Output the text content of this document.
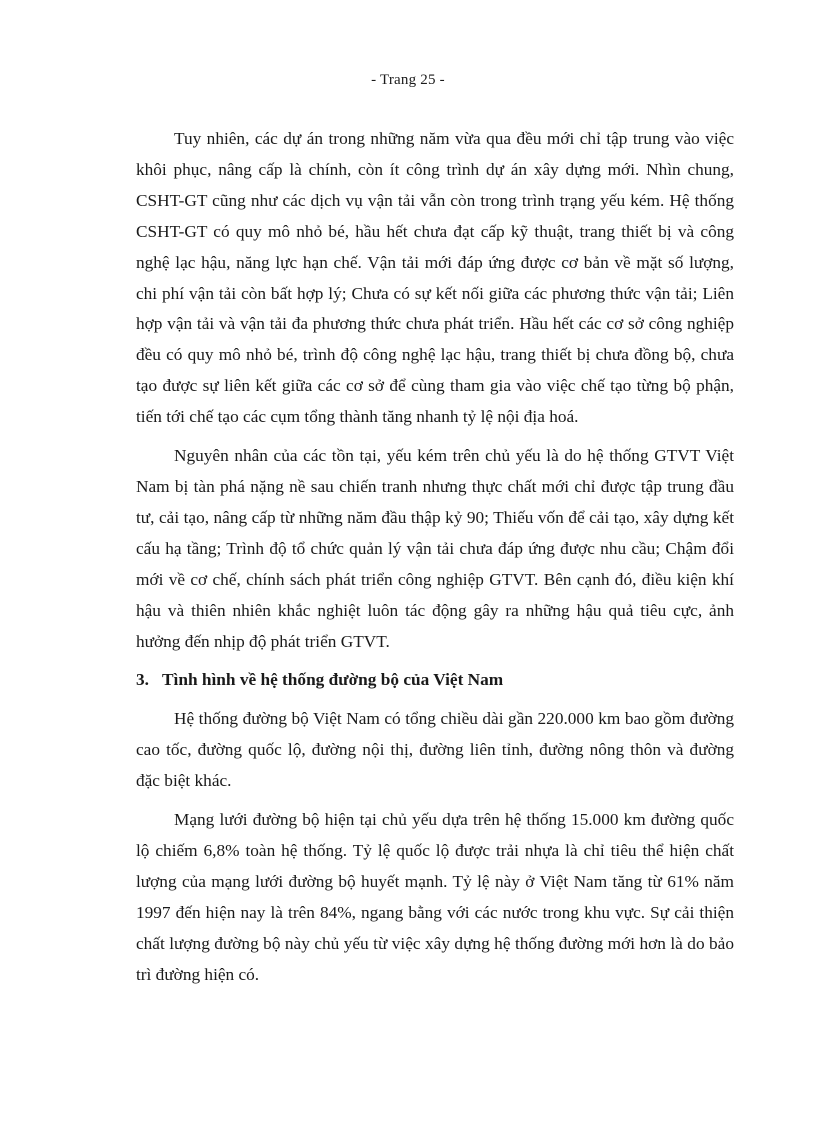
- Trang 25 -

Tuy nhiên, các dự án trong những năm vừa qua đều mới chỉ tập trung vào việc khôi phục, nâng cấp là chính, còn ít công trình dự án xây dựng mới. Nhìn chung, CSHT-GT cũng như các dịch vụ vận tải vẫn còn trong trình trạng yếu kém. Hệ thống CSHT-GT có quy mô nhỏ bé, hầu hết chưa đạt cấp kỹ thuật, trang thiết bị và công nghệ lạc hậu, năng lực hạn chế. Vận tải mới đáp ứng được cơ bản về mặt số lượng, chi phí vận tải còn bất hợp lý; Chưa có sự kết nối giữa các phương thức vận tải; Liên hợp vận tải và vận tải đa phương thức chưa phát triển. Hầu hết các cơ sở công nghiệp đều có quy mô nhỏ bé, trình độ công nghệ lạc hậu, trang thiết bị chưa đồng bộ, chưa tạo được sự liên kết giữa các cơ sở để cùng tham gia vào việc chế tạo từng bộ phận, tiến tới chế tạo các cụm tổng thành tăng nhanh tỷ lệ nội địa hoá.

Nguyên nhân của các tồn tại, yếu kém trên chủ yếu là do hệ thống GTVT Việt Nam bị tàn phá nặng nề sau chiến tranh nhưng thực chất mới chỉ được tập trung đầu tư, cải tạo, nâng cấp từ những năm đầu thập kỷ 90; Thiếu vốn để cải tạo, xây dựng kết cấu hạ tầng; Trình độ tổ chức quản lý vận tải chưa đáp ứng được nhu cầu; Chậm đổi mới về cơ chế, chính sách phát triển công nghiệp GTVT. Bên cạnh đó, điều kiện khí hậu và thiên nhiên khắc nghiệt luôn tác động gây ra những hậu quả tiêu cực, ảnh hưởng đến nhịp độ phát triển GTVT.

3. Tình hình về hệ thống đường bộ của Việt Nam

Hệ thống đường bộ Việt Nam có tổng chiều dài gần 220.000 km bao gồm đường cao tốc, đường quốc lộ, đường nội thị, đường liên tỉnh, đường nông thôn và đường đặc biệt khác.

Mạng lưới đường bộ hiện tại chủ yếu dựa trên hệ thống 15.000 km đường quốc lộ chiếm 6,8% toàn hệ thống. Tỷ lệ quốc lộ được trải nhựa là chỉ tiêu thể hiện chất lượng của mạng lưới đường bộ huyết mạnh. Tỷ lệ này ở Việt Nam tăng từ 61% năm 1997 đến hiện nay là trên 84%, ngang bằng với các nước trong khu vực. Sự cải thiện chất lượng đường bộ này chủ yếu từ việc xây dựng hệ thống đường mới hơn là do bảo trì đường hiện có.
